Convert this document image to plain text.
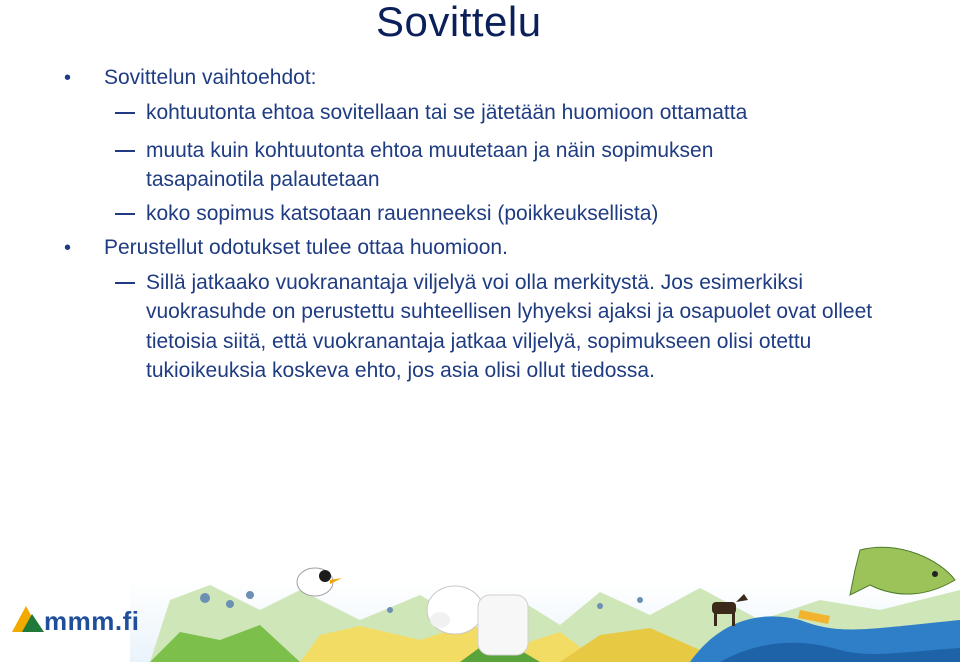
Sovittelu
• Sovittelun vaihtoehdot:
kohtuutonta ehtoa sovitellaan tai se jätetään huomioon ottamatta
muuta kuin kohtuutonta ehtoa muutetaan ja näin sopimuksen tasapainotila palautetaan
koko sopimus katsotaan rauenneeksi (poikkeuksellista)
• Perustellut odotukset tulee ottaa huomioon.
Sillä jatkaako vuokranantaja viljelyä voi olla merkitystä. Jos esimerkiksi vuokrasuhde on perustettu suhteellisen lyhyeksi ajaksi ja osapuolet ovat olleet tietoisia siitä, että vuokranantaja jatkaa viljelyä, sopimukseen olisi otettu tukioikeuksia koskeva ehto, jos asia olisi ollut tiedossa.
mmm.fi
